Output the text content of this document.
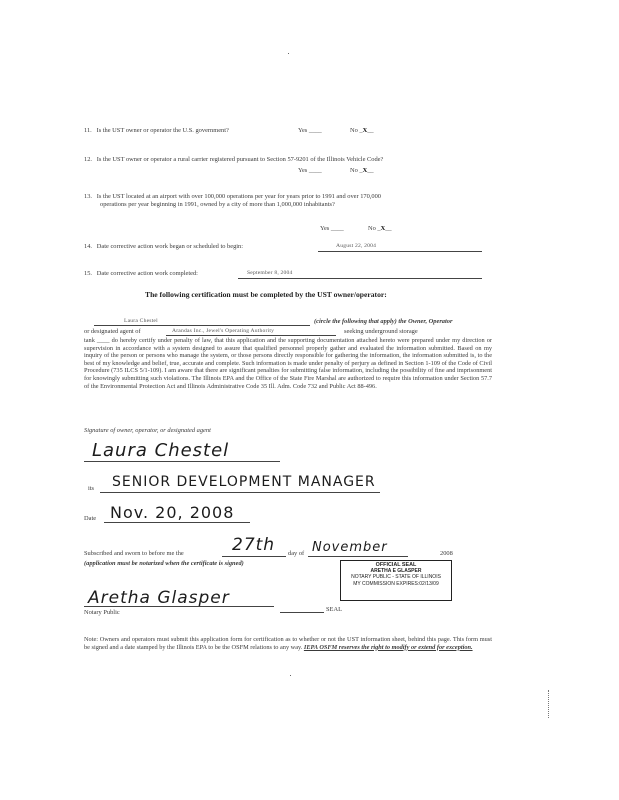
11. Is the UST owner or operator the U.S. government?	Yes ____	No _X__
12. Is the UST owner or operator a rural carrier registered pursuant to Section 57-9201 of the Illinois Vehicle Code?
Yes ____	No _X__
13. Is the UST located at an airport with over 100,000 operations per year for years prior to 1991 and over 170,000
operations per year beginning in 1991, owned by a city of more than 1,000,000 inhabitants?
Yes ____	No _X__
14. Date corrective action work began or scheduled to begin:	August 22, 2004
15. Date corrective action work completed:	September 8, 2004
The following certification must be completed by the UST owner/operator:
Laura Chestel	(circle the following that apply) the Owner, Operator
or designated agent of	Arandas Inc., Jewel's Operating Authority	seeking underground storage
tank ____ do hereby certify under penalty of law, that this application and the supporting documentation attached hereto were prepared under my direction or supervision in accordance with a system designed to assure that qualified personnel properly gather and evaluated the information submitted. Based on my inquiry of the person or persons who manage the system, or those persons directly responsible for gathering the information, the information submitted is, to the best of my knowledge and belief, true, accurate and complete. Such information is made under penalty of perjury as defined in Section 1-109 of the Code of Civil Procedure (735 ILCS 5/1-109). I am aware that there are significant penalties for submitting false information, including the possibility of fine and imprisonment for knowingly submitting such violations. The Illinois EPA and the Office of the State Fire Marshal are authorized to require this information under Section 57.7 of the Environmental Protection Act and Illinois Administrative Code 35 Ill. Adm. Code 732 and Public Act 88-496.
Signature of owner, operator, or designated agent
Laura Chestel
its SENIOR DEVELOPMENT MANAGER
Date Nov. 20, 2008
Subscribed and sworn to before me the	27th day of November	2008
(application must be notarized when the certificate is signed)	OFFICIAL SEAL
ARETHA E GLASPER
NOTARY PUBLIC - STATE OF ILLINOIS
MY COMMISSION EXPIRES:02/13/09
Aretha Glasper
Notary Public	SEAL
Note: Owners and operators must submit this application form for certification as to whether or not the UST information sheet, behind this page. This form must be signed and a date stamped by the Illinois EPA to be the OSFM relations to any way. IEPA OSFM reserves the right to modify or extend for exception.
